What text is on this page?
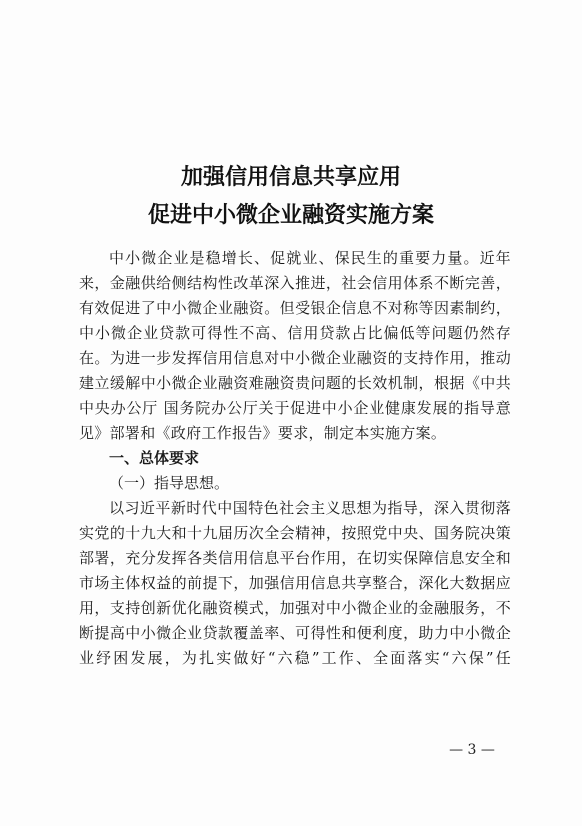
加强信用信息共享应用
促进中小微企业融资实施方案
中小微企业是稳增长、促就业、保民生的重要力量。近年
来，金融供给侧结构性改革深入推进，社会信用体系不断完善，
有效促进了中小微企业融资。但受银企信息不对称等因素制约，
中小微企业贷款可得性不高、信用贷款占比偏低等问题仍然存
在。为进一步发挥信用信息对中小微企业融资的支持作用，推动
建立缓解中小微企业融资难融资贵问题的长效机制，根据《中共
中央办公厅 国务院办公厅关于促进中小企业健康发展的指导意
见》部署和《政府工作报告》要求，制定本实施方案。
一、总体要求
（一）指导思想。
以习近平新时代中国特色社会主义思想为指导，深入贯彻落
实党的十九大和十九届历次全会精神，按照党中央、国务院决策
部署，充分发挥各类信用信息平台作用，在切实保障信息安全和
市场主体权益的前提下，加强信用信息共享整合，深化大数据应
用，支持创新优化融资模式，加强对中小微企业的金融服务，不
断提高中小微企业贷款覆盖率、可得性和便利度，助力中小微企
业纾困发展，为扎实做好“六稳”工作、全面落实“六保”任
— 3 —
